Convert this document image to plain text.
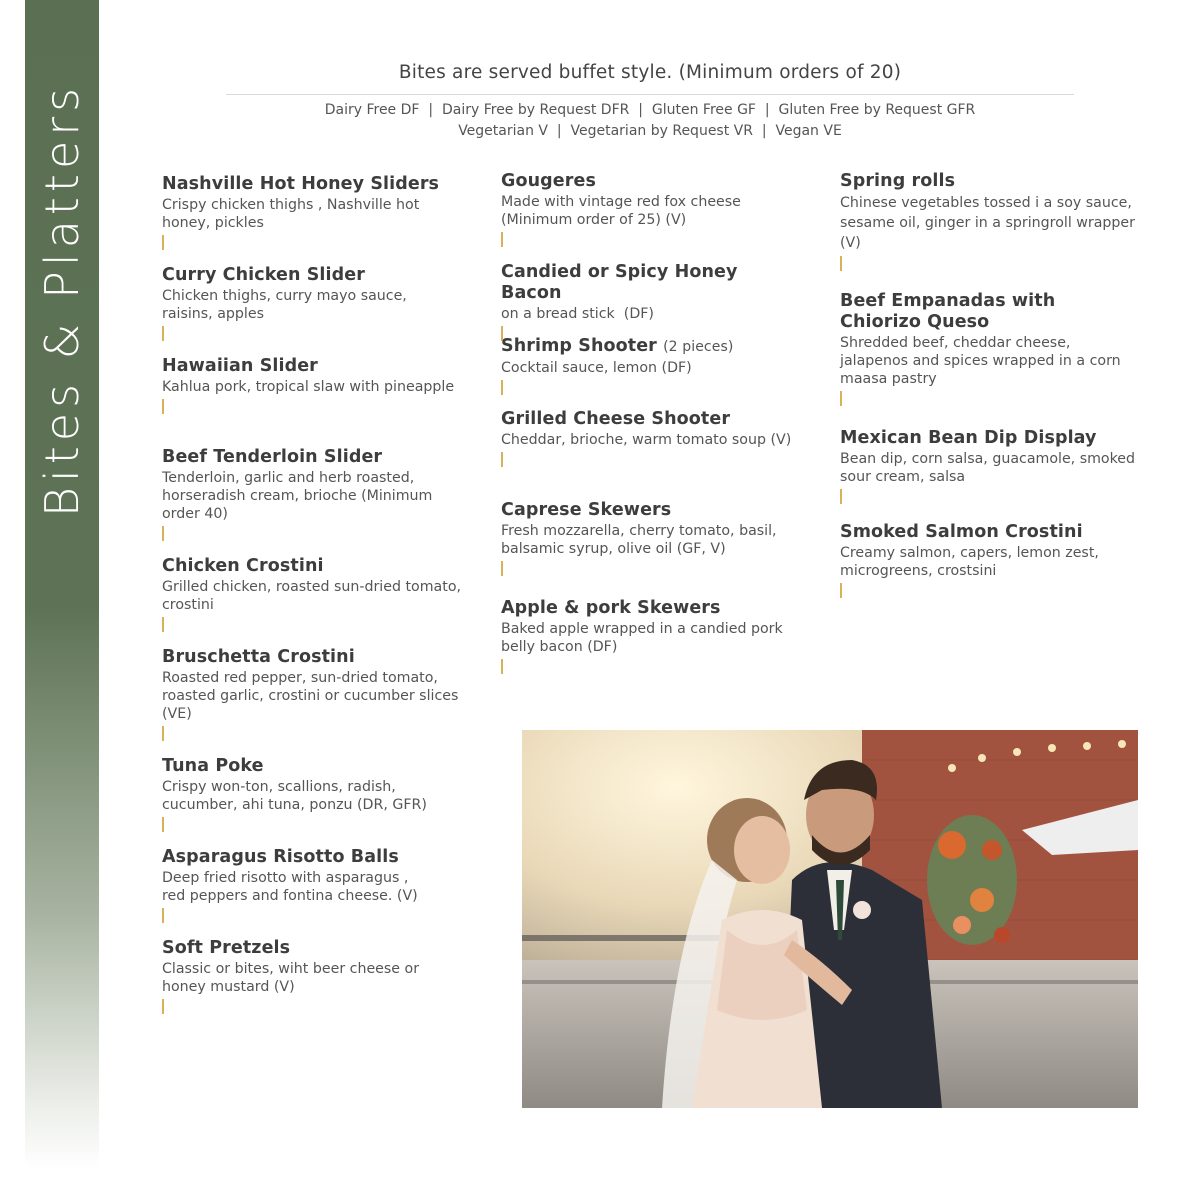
Bites & Platters
Bites are served buffet style. (Minimum orders of 20)
Dairy Free DF  |  Dairy Free by Request DFR  |  Gluten Free GF  |  Gluten Free by Request GFR
Vegetarian V  |  Vegetarian by Request VR  |  Vegan VE
Nashville Hot Honey Sliders
Crispy chicken thighs , Nashville hot honey, pickles
Curry Chicken Slider
Chicken thighs, curry mayo sauce, raisins, apples
Hawaiian Slider
Kahlua pork, tropical slaw with pineapple
Beef Tenderloin Slider
Tenderloin, garlic and herb roasted, horseradish cream, brioche (Minimum order 40)
Chicken Crostini
Grilled chicken, roasted sun-dried tomato, crostini
Bruschetta Crostini
Roasted red pepper, sun-dried tomato, roasted garlic, crostini or cucumber slices (VE)
Tuna Poke
Crispy won-ton, scallions, radish, cucumber, ahi tuna, ponzu (DR, GFR)
Asparagus Risotto Balls
Deep fried risotto with asparagus ,
red peppers and fontina cheese. (V)
Soft Pretzels
Classic or bites, wiht beer cheese or honey mustard (V)
Gougeres
Made with vintage red fox cheese (Minimum order of 25) (V)
Candied or Spicy Honey Bacon
on a bread stick  (DF)
Shrimp Shooter (2 pieces)
Cocktail sauce, lemon (DF)
Grilled Cheese Shooter
Cheddar, brioche, warm tomato soup (V)
Caprese Skewers
Fresh mozzarella, cherry tomato, basil, balsamic syrup, olive oil (GF, V)
Apple & pork Skewers
Baked apple wrapped in a candied pork belly bacon (DF)
Spring rolls
Chinese vegetables tossed i a soy sauce, sesame oil, ginger in a springroll wrapper (V)
Beef Empanadas with Chiorizo Queso
Shredded beef, cheddar cheese, jalapenos and spices wrapped in a corn maasa pastry
Mexican Bean Dip Display
Bean dip, corn salsa, guacamole, smoked sour cream, salsa
Smoked Salmon Crostini
Creamy salmon, capers, lemon zest, microgreens, crostsini
